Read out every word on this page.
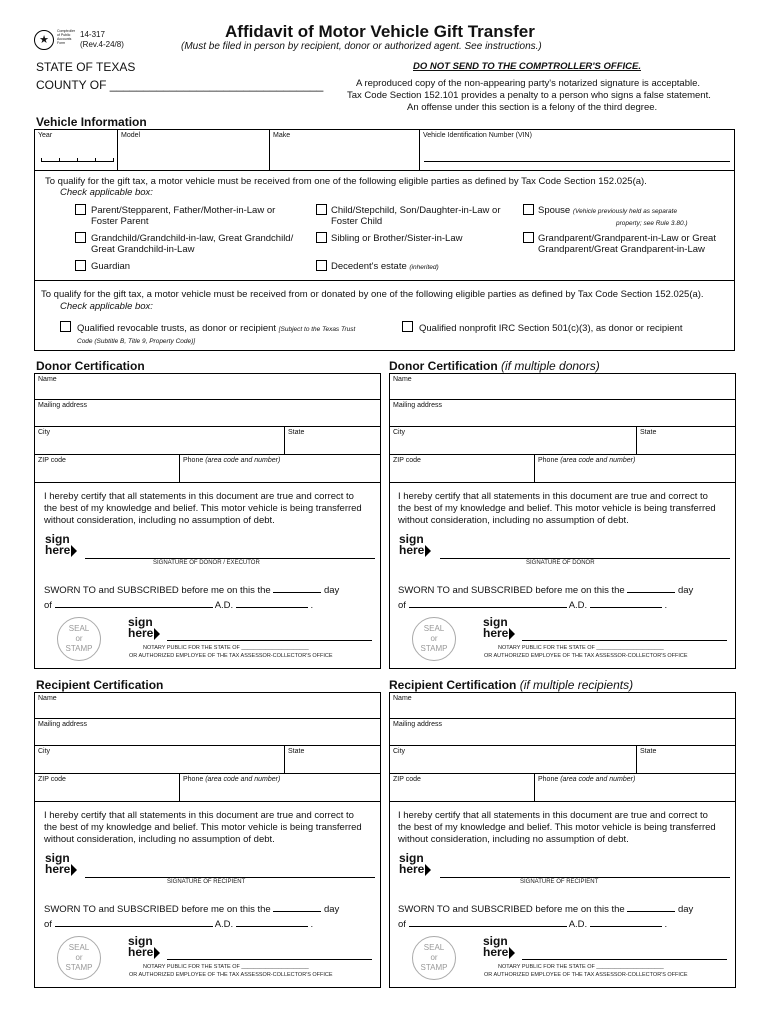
★
Comptroller of Public Accounts Form
14-317
(Rev.4-24/8)
Affidavit of Motor Vehicle Gift Transfer
(Must be filed in person by recipient, donor or authorized agent. See instructions.)
STATE OF TEXAS
COUNTY OF ________________________________
DO NOT SEND TO THE COMPTROLLER'S OFFICE.
A reproduced copy of the non-appearing party's notarized signature is acceptable.
Tax Code Section 152.101 provides a penalty to a person who signs a false statement.
An offense under this section is a felony of the third degree.
Vehicle Information
Year	Model	Make	Vehicle Identification Number (VIN)
To qualify for the gift tax, a motor vehicle must be received from one of the following eligible parties as defined by Tax Code Section 152.025(a).
Check applicable box:
Parent/Stepparent, Father/Mother-in-Law or
Foster Parent
Child/Stepchild, Son/Daughter-in-Law or
Foster Child
Spouse (Vehicle previously held as separate
property; see Rule 3.80.)
Grandchild/Grandchild-in-law, Great Grandchild/
Great Grandchild-in-Law
Sibling or Brother/Sister-in-Law	Grandparent/Grandparent-in-Law or Great
Grandparent/Great Grandparent-in-Law
Guardian	Decedent's estate (inherited)
To qualify for the gift tax, a motor vehicle must be received from or donated by one of the following eligible parties as defined by Tax Code Section 152.025(a).
Check applicable box:
Qualified revocable trusts, as donor or recipient [Subject to the Texas Trust
Code (Subtitle B, Title 9, Property Code)]
Qualified nonprofit IRC Section 501(c)(3), as donor or recipient
Donor Certification
Name
Mailing address
City	State
ZIP code	Phone (area code and number)
I hereby certify that all statements in this document are true and correct to
the best of my knowledge and belief. This motor vehicle is being transferred
without consideration, including no assumption of debt.
sign
here
SIGNATURE OF DONOR / EXECUTOR
SWORN TO and SUBSCRIBED before me on this the	day
of	A.D.	.
SEAL
or
STAMP
sign
here
NOTARY PUBLIC FOR THE STATE OF ______________________
OR AUTHORIZED EMPLOYEE OF THE TAX ASSESSOR-COLLECTOR'S OFFICE
Donor Certification (if multiple donors)
Name
Mailing address
City	State
ZIP code	Phone (area code and number)
I hereby certify that all statements in this document are true and correct to
the best of my knowledge and belief. This motor vehicle is being transferred
without consideration, including no assumption of debt.
sign
here
SIGNATURE OF DONOR
SWORN TO and SUBSCRIBED before me on this the	day
of	A.D.	.
SEAL
or
STAMP
sign
here
NOTARY PUBLIC FOR THE STATE OF ______________________
OR AUTHORIZED EMPLOYEE OF THE TAX ASSESSOR-COLLECTOR'S OFFICE
Recipient Certification
Name
Mailing address
City	State
ZIP code	Phone (area code and number)
I hereby certify that all statements in this document are true and correct to
the best of my knowledge and belief. This motor vehicle is being transferred
without consideration, including no assumption of debt.
sign
here
SIGNATURE OF RECIPIENT
SWORN TO and SUBSCRIBED before me on this the	day
of	A.D.	.
SEAL
or
STAMP
sign
here
NOTARY PUBLIC FOR THE STATE OF ______________________
OR AUTHORIZED EMPLOYEE OF THE TAX ASSESSOR-COLLECTOR'S OFFICE
Recipient Certification (if multiple recipients)
Name
Mailing address
City	State
ZIP code	Phone (area code and number)
I hereby certify that all statements in this document are true and correct to
the best of my knowledge and belief. This motor vehicle is being transferred
without consideration, including no assumption of debt.
sign
here
SIGNATURE OF RECIPIENT
SWORN TO and SUBSCRIBED before me on this the	day
of	A.D.	.
SEAL
or
STAMP
sign
here
NOTARY PUBLIC FOR THE STATE OF ______________________
OR AUTHORIZED EMPLOYEE OF THE TAX ASSESSOR-COLLECTOR'S OFFICE
